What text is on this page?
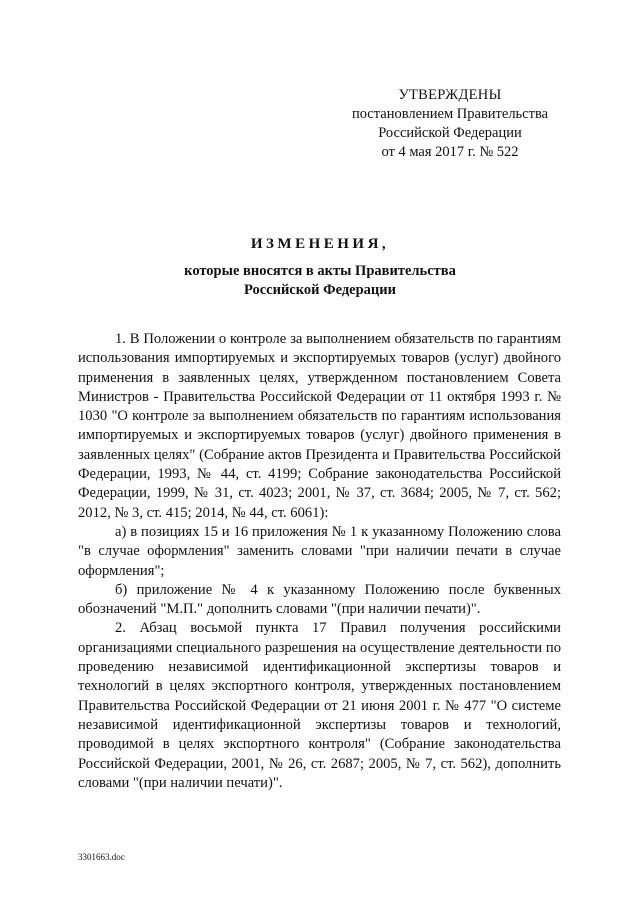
УТВЕРЖДЕНЫ
постановлением Правительства
Российской Федерации
от 4 мая 2017 г. № 522
ИЗМЕНЕНИЯ,
которые вносятся в акты Правительства
Российской Федерации

1. В Положении о контроле за выполнением обязательств по гарантиям использования импортируемых и экспортируемых товаров (услуг) двойного применения в заявленных целях, утвержденном постановлением Совета Министров - Правительства Российской Федерации от 11 октября 1993 г. № 1030 "О контроле за выполнением обязательств по гарантиям использования импортируемых и экспортируемых товаров (услуг) двойного применения в заявленных целях" (Собрание актов Президента и Правительства Российской Федерации, 1993, № 44, ст. 4199; Собрание законодательства Российской Федерации, 1999, № 31, ст. 4023; 2001, № 37, ст. 3684; 2005, № 7, ст. 562; 2012, № 3, ст. 415; 2014, № 44, ст. 6061):

а) в позициях 15 и 16 приложения № 1 к указанному Положению слова "в случае оформления" заменить словами "при наличии печати в случае оформления";

б) приложение № 4 к указанному Положению после буквенных обозначений "М.П." дополнить словами "(при наличии печати)".

2. Абзац восьмой пункта 17 Правил получения российскими организациями специального разрешения на осуществление деятельности по проведению независимой идентификационной экспертизы товаров и технологий в целях экспортного контроля, утвержденных постановлением Правительства Российской Федерации от 21 июня 2001 г. № 477 "О системе независимой идентификационной экспертизы товаров и технологий, проводимой в целях экспортного контроля" (Собрание законодательства Российской Федерации, 2001, № 26, ст. 2687; 2005, № 7, ст. 562), дополнить словами "(при наличии печати)".

3301663.doc
